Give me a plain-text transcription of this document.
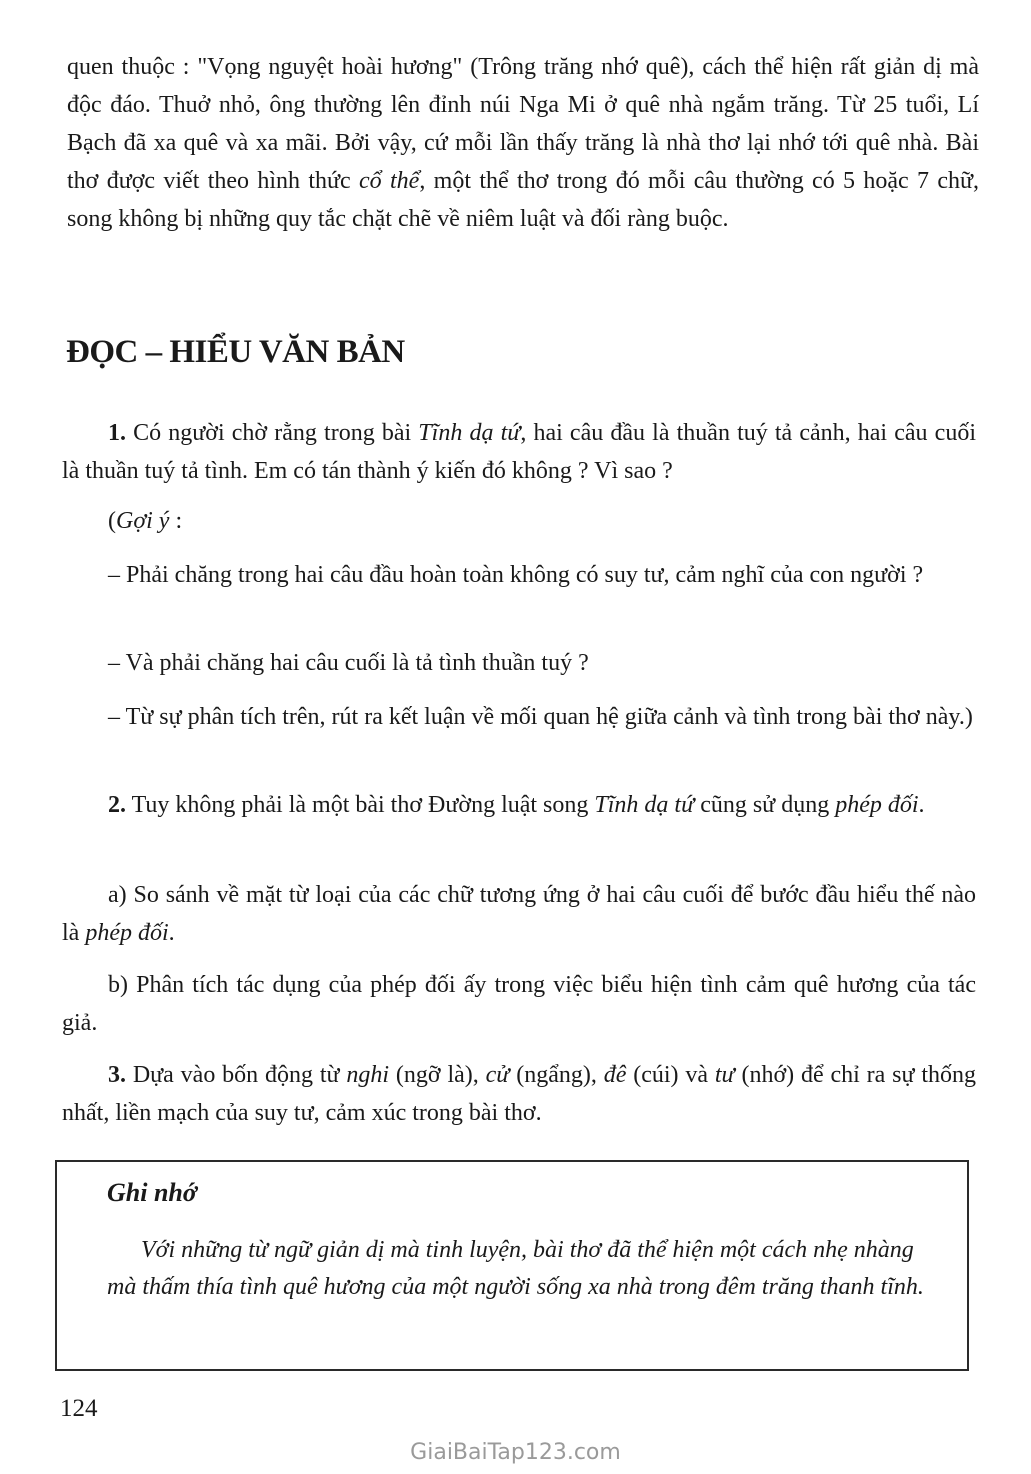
quen thuộc : "Vọng nguyệt hoài hương" (Trông trăng nhớ quê), cách thể hiện rất giản dị mà độc đáo. Thuở nhỏ, ông thường lên đỉnh núi Nga Mi ở quê nhà ngắm trăng. Từ 25 tuổi, Lí Bạch đã xa quê và xa mãi. Bởi vậy, cứ mỗi lần thấy trăng là nhà thơ lại nhớ tới quê nhà. Bài thơ được viết theo hình thức cổ thể, một thể thơ trong đó mỗi câu thường có 5 hoặc 7 chữ, song không bị những quy tắc chặt chẽ về niêm luật và đối ràng buộc.

ĐỌC – HIỂU VĂN BẢN

1. Có người chờ rằng trong bài Tĩnh dạ tứ, hai câu đầu là thuần tuý tả cảnh, hai câu cuối là thuần tuý tả tình. Em có tán thành ý kiến đó không ? Vì sao ?

(Gợi ý :

– Phải chăng trong hai câu đầu hoàn toàn không có suy tư, cảm nghĩ của con người ?

– Và phải chăng hai câu cuối là tả tình thuần tuý ?

– Từ sự phân tích trên, rút ra kết luận về mối quan hệ giữa cảnh và tình trong bài thơ này.)

2. Tuy không phải là một bài thơ Đường luật song Tĩnh dạ tứ cũng sử dụng phép đối.

a) So sánh về mặt từ loại của các chữ tương ứng ở hai câu cuối để bước đầu hiểu thế nào là phép đối.

b) Phân tích tác dụng của phép đối ấy trong việc biểu hiện tình cảm quê hương của tác giả.

3. Dựa vào bốn động từ nghi (ngỡ là), cử (ngẩng), đê (cúi) và tư (nhớ) để chỉ ra sự thống nhất, liền mạch của suy tư, cảm xúc trong bài thơ.

Ghi nhớ

Với những từ ngữ giản dị mà tinh luyện, bài thơ đã thể hiện một cách nhẹ nhàng mà thấm thía tình quê hương của một người sống xa nhà trong đêm trăng thanh tĩnh.

124

GiaiBaiTap123.com
